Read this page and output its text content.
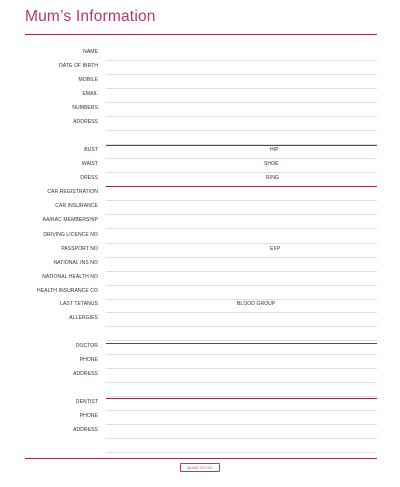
Mum’s Information
NAME
DATE OF BIRTH
MOBILE
EMAIL
NUMBERS
ADDRESS
BUST	HIP
WAIST	SHOE
DRESS	RING
CAR REGISTRATION
CAR INSURANCE
AA/RAC MEMBERSHIP
DRIVING LICENCE NO
PASSPORT NO	EXP
NATIONAL INS NO
NATIONAL HEALTH NO
HEALTH INSURANCE CO
LAST TETANUS	BLOOD GROUP
ALLERGIES
DOCTOR
PHONE
ADDRESS
DENTIST
PHONE
ADDRESS
MUMS STYLE
